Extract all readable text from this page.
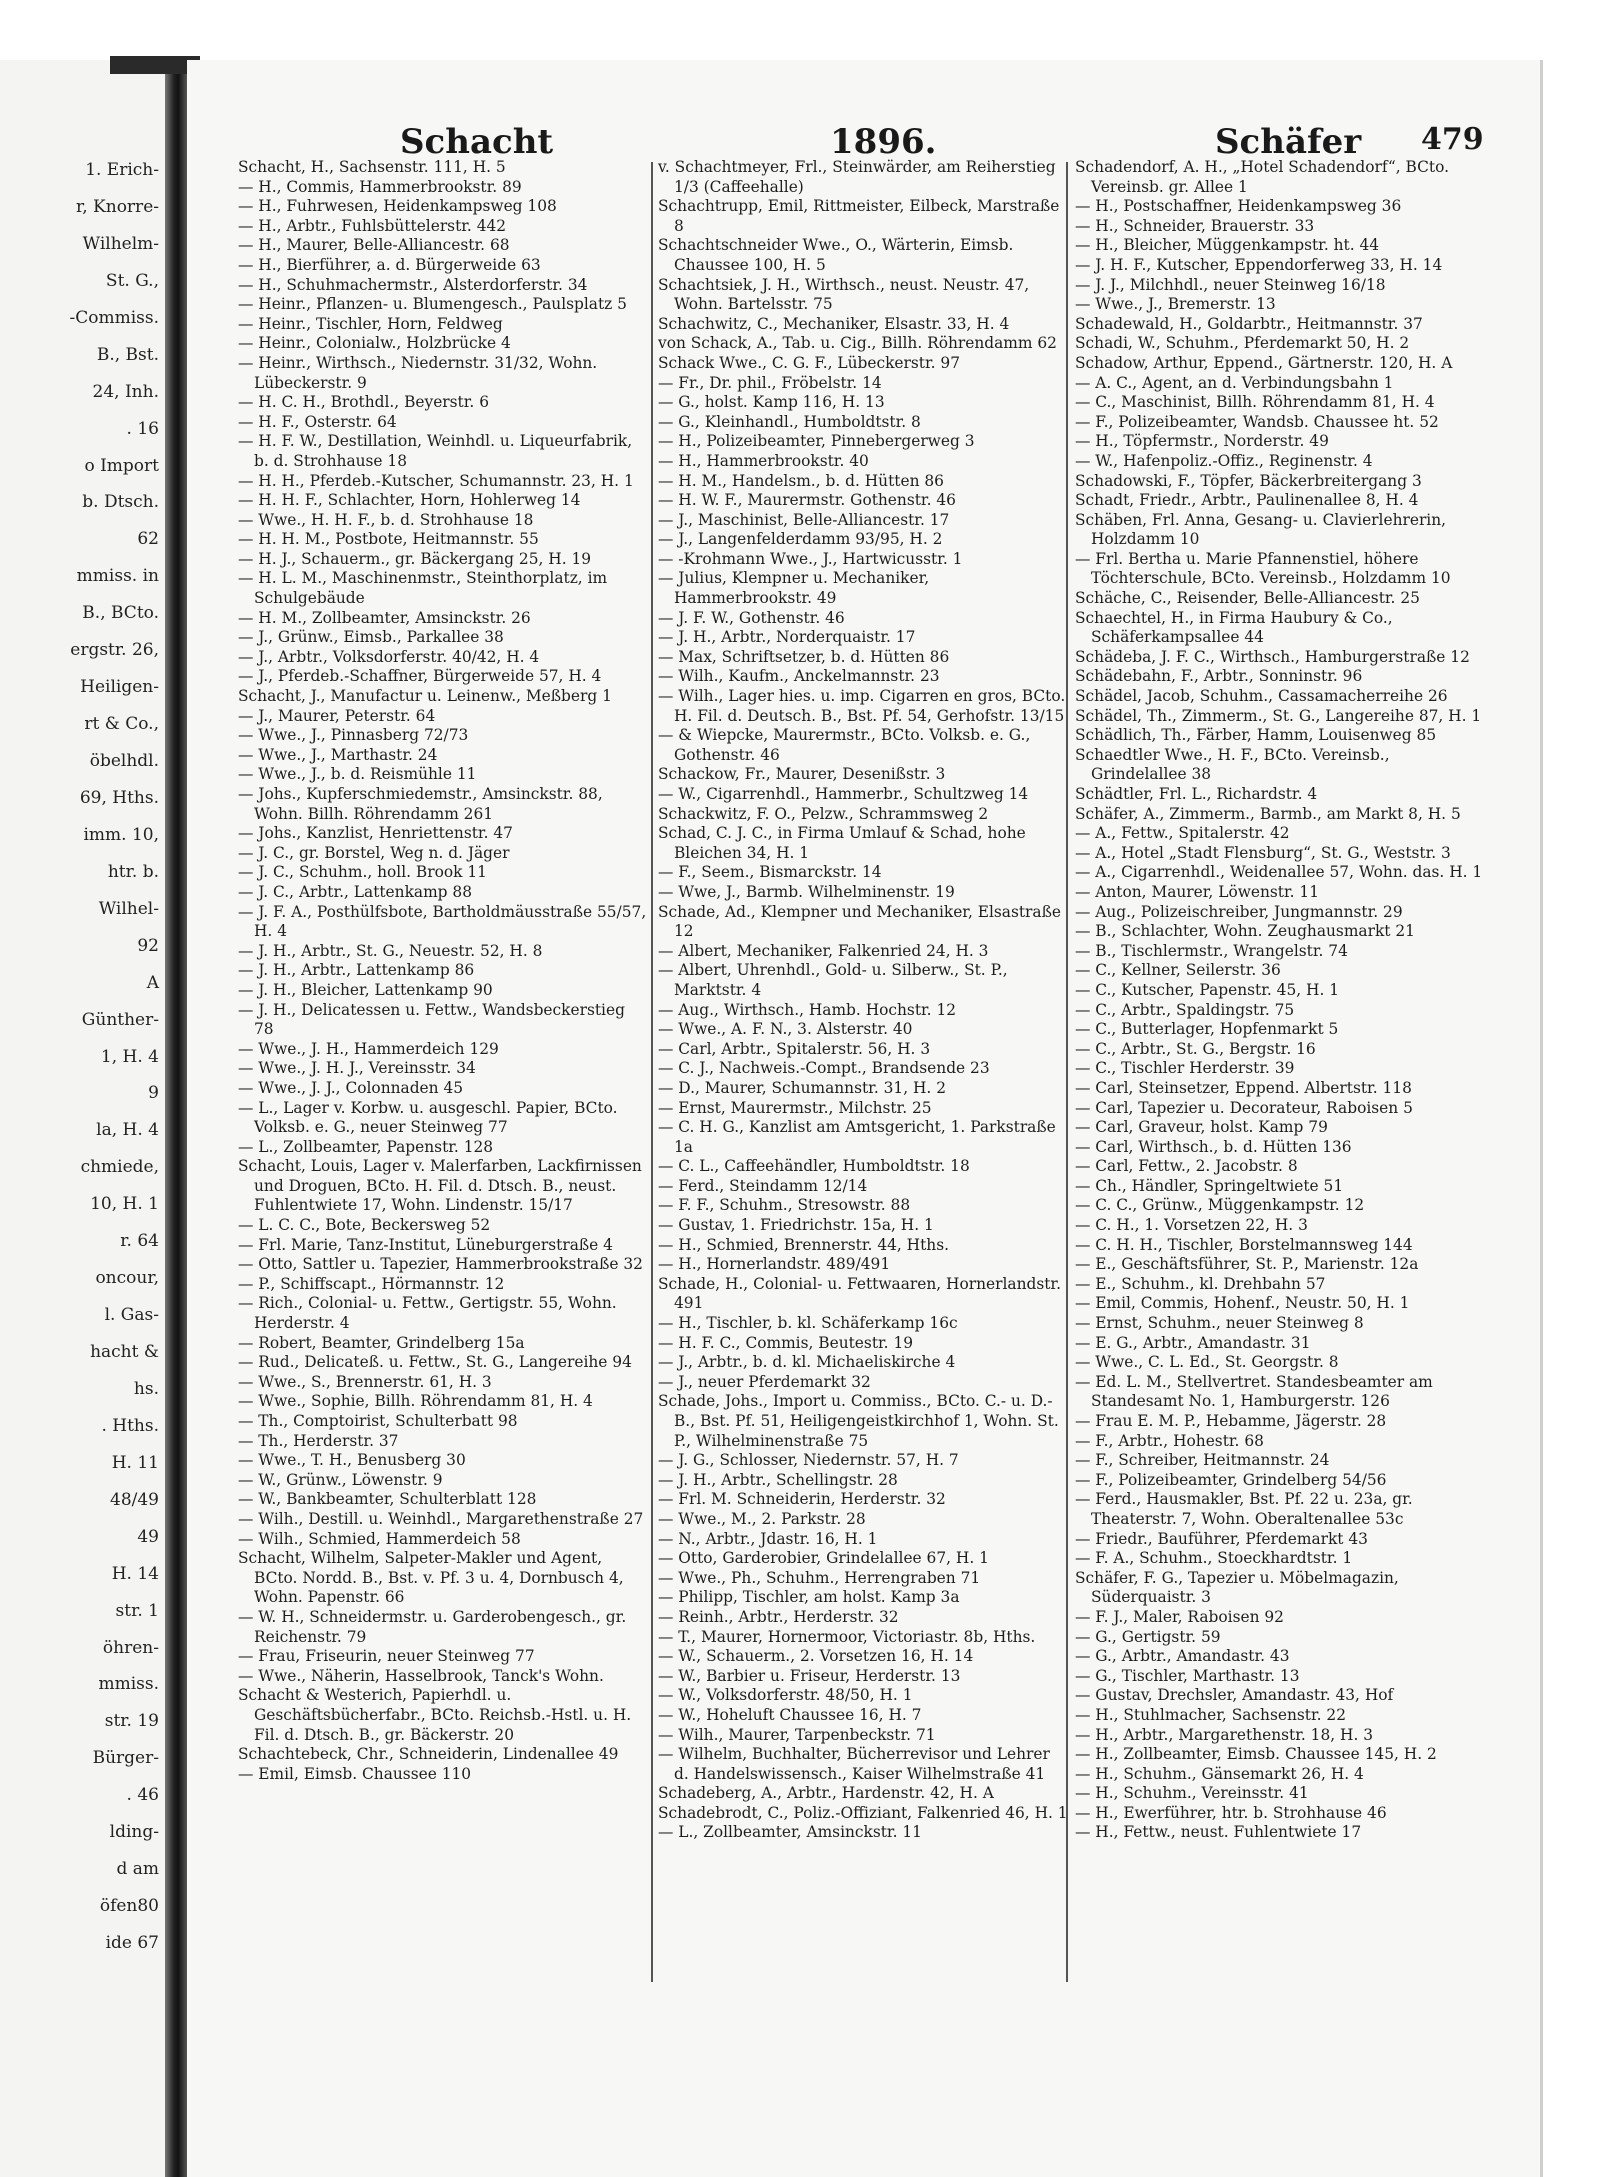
1. Erich-
r, Knorre-
Wilhelm-
St. G.,
-Commiss.
B., Bst.
24, Inh.
. 16
o Import
b. Dtsch.
62
mmiss. in
B., BCto.
ergstr. 26,
Heiligen-
rt & Co.,
öbelhdl.
69, Hths.
imm. 10,
htr. b.
Wilhel-
92
A
Günther-
1, H. 4
9
la, H. 4
chmiede,
10, H. 1
r. 64
oncour,
l. Gas-
hacht &
hs.
. Hths.
H. 11
48/49
49
H. 14
str. 1
öhren-
mmiss.
str. 19
Bürger-
. 46
lding-
d am
öfen80
ide 67
Schacht	1896.	Schäfer 479
Schacht, H., Sachsenstr. 111, H. 5
— H., Commis, Hammerbrookstr. 89
— H., Fuhrwesen, Heidenkampsweg 108
— H., Arbtr., Fuhlsbüttelerstr. 442
— H., Maurer, Belle-Alliancestr. 68
— H., Bierführer, a. d. Bürgerweide 63
— H., Schuhmachermstr., Alsterdorferstr. 34
— Heinr., Pflanzen- u. Blumengesch., Paulsplatz 5
— Heinr., Tischler, Horn, Feldweg
— Heinr., Colonialw., Holzbrücke 4
— Heinr., Wirthsch., Niedernstr. 31/32, Wohn. Lübeckerstr. 9
— H. C. H., Brothdl., Beyerstr. 6
— H. F., Osterstr. 64
— H. F. W., Destillation, Weinhdl. u. Liqueurfabrik, b. d. Strohhause 18
— H. H., Pferdeb.-Kutscher, Schumannstr. 23, H. 1
— H. H. F., Schlachter, Horn, Hohlerweg 14
— Wwe., H. H. F., b. d. Strohhause 18
— H. H. M., Postbote, Heitmannstr. 55
— H. J., Schauerm., gr. Bäckergang 25, H. 19
— H. L. M., Maschinenmstr., Steinthorplatz, im Schulgebäude
— H. M., Zollbeamter, Amsinckstr. 26
— J., Grünw., Eimsb., Parkallee 38
— J., Arbtr., Volksdorferstr. 40/42, H. 4
— J., Pferdeb.-Schaffner, Bürgerweide 57, H. 4
Schacht, J., Manufactur u. Leinenw., Meßberg 1
— J., Maurer, Peterstr. 64
— Wwe., J., Pinnasberg 72/73
— Wwe., J., Marthastr. 24
— Wwe., J., b. d. Reismühle 11
— Johs., Kupferschmiedemstr., Amsinckstr. 88, Wohn. Billh. Röhrendamm 261
— Johs., Kanzlist, Henriettenstr. 47
— J. C., gr. Borstel, Weg n. d. Jäger
— J. C., Schuhm., holl. Brook 11
— J. C., Arbtr., Lattenkamp 88
— J. F. A., Posthülfsbote, Bartholdmäusstraße 55/57, H. 4
— J. H., Arbtr., St. G., Neuestr. 52, H. 8
— J. H., Arbtr., Lattenkamp 86
— J. H., Bleicher, Lattenkamp 90
— J. H., Delicatessen u. Fettw., Wandsbeckerstieg 78
— Wwe., J. H., Hammerdeich 129
— Wwe., J. H. J., Vereinsstr. 34
— Wwe., J. J., Colonnaden 45
— L., Lager v. Korbw. u. ausgeschl. Papier, BCto. Volksb. e. G., neuer Steinweg 77
— L., Zollbeamter, Papenstr. 128
Schacht, Louis, Lager v. Malerfarben, Lackfirnissen und Droguen, BCto. H. Fil. d. Dtsch. B., neust. Fuhlentwiete 17, Wohn. Lindenstr. 15/17
— L. C. C., Bote, Beckersweg 52
— Frl. Marie, Tanz-Institut, Lüneburgerstraße 4
— Otto, Sattler u. Tapezier, Hammerbrookstraße 32
— P., Schiffscapt., Hörmannstr. 12
— Rich., Colonial- u. Fettw., Gertigstr. 55, Wohn. Herderstr. 4
— Robert, Beamter, Grindelberg 15a
— Rud., Delicateß. u. Fettw., St. G., Langereihe 94
— Wwe., S., Brennerstr. 61, H. 3
— Wwe., Sophie, Billh. Röhrendamm 81, H. 4
— Th., Comptoirist, Schulterbatt 98
— Th., Herderstr. 37
— Wwe., T. H., Benusberg 30
— W., Grünw., Löwenstr. 9
— W., Bankbeamter, Schulterblatt 128
— Wilh., Destill. u. Weinhdl., Margarethenstraße 27
— Wilh., Schmied, Hammerdeich 58
Schacht, Wilhelm, Salpeter-Makler und Agent, BCto. Nordd. B., Bst. v. Pf. 3 u. 4, Dornbusch 4, Wohn. Papenstr. 66
— W. H., Schneidermstr. u. Garderobengesch., gr. Reichenstr. 79
— Frau, Friseurin, neuer Steinweg 77
— Wwe., Näherin, Hasselbrook, Tanck's Wohn.
Schacht & Westerich, Papierhdl. u. Geschäftsbücherfabr., BCto. Reichsb.-Hstl. u. H. Fil. d. Dtsch. B., gr. Bäckerstr. 20
Schachtebeck, Chr., Schneiderin, Lindenallee 49
— Emil, Eimsb. Chaussee 110
v. Schachtmeyer, Frl., Steinwärder, am Reiherstieg 1/3 (Caffeehalle)
Schachtrupp, Emil, Rittmeister, Eilbeck, Marstraße 8
Schachtschneider Wwe., O., Wärterin, Eimsb. Chaussee 100, H. 5
Schachtsiek, J. H., Wirthsch., neust. Neustr. 47, Wohn. Bartelsstr. 75
Schachwitz, C., Mechaniker, Elsastr. 33, H. 4
von Schack, A., Tab. u. Cig., Billh. Röhrendamm 62
Schack Wwe., C. G. F., Lübeckerstr. 97
— Fr., Dr. phil., Fröbelstr. 14
— G., holst. Kamp 116, H. 13
— G., Kleinhandl., Humboldtstr. 8
— H., Polizeibeamter, Pinnebergerweg 3
— H., Hammerbrookstr. 40
— H. M., Handelsm., b. d. Hütten 86
— H. W. F., Maurermstr. Gothenstr. 46
— J., Maschinist, Belle-Alliancestr. 17
— J., Langenfelderdamm 93/95, H. 2
— -Krohmann Wwe., J., Hartwicusstr. 1
— Julius, Klempner u. Mechaniker, Hammerbrookstr. 49
— J. F. W., Gothenstr. 46
— J. H., Arbtr., Norderquaistr. 17
— Max, Schriftsetzer, b. d. Hütten 86
— Wilh., Kaufm., Anckelmannstr. 23
— Wilh., Lager hies. u. imp. Cigarren en gros, BCto. H. Fil. d. Deutsch. B., Bst. Pf. 54, Gerhofstr. 13/15
— & Wiepcke, Maurermstr., BCto. Volksb. e. G., Gothenstr. 46
Schackow, Fr., Maurer, Desenißstr. 3
— W., Cigarrenhdl., Hammerbr., Schultzweg 14
Schackwitz, F. O., Pelzw., Schrammsweg 2
Schad, C. J. C., in Firma Umlauf & Schad, hohe Bleichen 34, H. 1
— F., Seem., Bismarckstr. 14
— Wwe, J., Barmb. Wilhelminenstr. 19
Schade, Ad., Klempner und Mechaniker, Elsastraße 12
— Albert, Mechaniker, Falkenried 24, H. 3
— Albert, Uhrenhdl., Gold- u. Silberw., St. P., Marktstr. 4
— Aug., Wirthsch., Hamb. Hochstr. 12
— Wwe., A. F. N., 3. Alsterstr. 40
— Carl, Arbtr., Spitalerstr. 56, H. 3
— C. J., Nachweis.-Compt., Brandsende 23
— D., Maurer, Schumannstr. 31, H. 2
— Ernst, Maurermstr., Milchstr. 25
— C. H. G., Kanzlist am Amtsgericht, 1. Parkstraße 1a
— C. L., Caffeehändler, Humboldtstr. 18
— Ferd., Steindamm 12/14
— F. F., Schuhm., Stresowstr. 88
— Gustav, 1. Friedrichstr. 15a, H. 1
— H., Schmied, Brennerstr. 44, Hths.
— H., Hornerlandstr. 489/491
Schade, H., Colonial- u. Fettwaaren, Hornerlandstr. 491
— H., Tischler, b. kl. Schäferkamp 16c
— H. F. C., Commis, Beutestr. 19
— J., Arbtr., b. d. kl. Michaeliskirche 4
— J., neuer Pferdemarkt 32
Schade, Johs., Import u. Commiss., BCto. C.- u. D.-B., Bst. Pf. 51, Heiligengeistkirchhof 1, Wohn. St. P., Wilhelminenstraße 75
— J. G., Schlosser, Niedernstr. 57, H. 7
— J. H., Arbtr., Schellingstr. 28
— Frl. M. Schneiderin, Herderstr. 32
— Wwe., M., 2. Parkstr. 28
— N., Arbtr., Jdastr. 16, H. 1
— Otto, Garderobier, Grindelallee 67, H. 1
— Wwe., Ph., Schuhm., Herrengraben 71
— Philipp, Tischler, am holst. Kamp 3a
— Reinh., Arbtr., Herderstr. 32
— T., Maurer, Hornermoor, Victoriastr. 8b, Hths.
— W., Schauerm., 2. Vorsetzen 16, H. 14
— W., Barbier u. Friseur, Herderstr. 13
— W., Volksdorferstr. 48/50, H. 1
— W., Hoheluft Chaussee 16, H. 7
— Wilh., Maurer, Tarpenbeckstr. 71
— Wilhelm, Buchhalter, Bücherrevisor und Lehrer d. Handelswissensch., Kaiser Wilhelmstraße 41
Schadeberg, A., Arbtr., Hardenstr. 42, H. A
Schadebrodt, C., Poliz.-Offiziant, Falkenried 46, H. 1
— L., Zollbeamter, Amsinckstr. 11
Schadendorf, A. H., „Hotel Schadendorf“, BCto. Vereinsb. gr. Allee 1
— H., Postschaffner, Heidenkampsweg 36
— H., Schneider, Brauerstr. 33
— H., Bleicher, Müggenkampstr. ht. 44
— J. H. F., Kutscher, Eppendorferweg 33, H. 14
— J. J., Milchhdl., neuer Steinweg 16/18
— Wwe., J., Bremerstr. 13
Schadewald, H., Goldarbtr., Heitmannstr. 37
Schadi, W., Schuhm., Pferdemarkt 50, H. 2
Schadow, Arthur, Eppend., Gärtnerstr. 120, H. A
— A. C., Agent, an d. Verbindungsbahn 1
— C., Maschinist, Billh. Röhrendamm 81, H. 4
— F., Polizeibeamter, Wandsb. Chaussee ht. 52
— H., Töpfermstr., Norderstr. 49
— W., Hafenpoliz.-Offiz., Reginenstr. 4
Schadowski, F., Töpfer, Bäckerbreitergang 3
Schadt, Friedr., Arbtr., Paulinenallee 8, H. 4
Schäben, Frl. Anna, Gesang- u. Clavierlehrerin, Holzdamm 10
— Frl. Bertha u. Marie Pfannenstiel, höhere Töchterschule, BCto. Vereinsb., Holzdamm 10
Schäche, C., Reisender, Belle-Alliancestr. 25
Schaechtel, H., in Firma Haubury & Co., Schäferkampsallee 44
Schädeba, J. F. C., Wirthsch., Hamburgerstraße 12
Schädebahn, F., Arbtr., Sonninstr. 96
Schädel, Jacob, Schuhm., Cassamacherreihe 26
Schädel, Th., Zimmerm., St. G., Langereihe 87, H. 1
Schädlich, Th., Färber, Hamm, Louisenweg 85
Schaedtler Wwe., H. F., BCto. Vereinsb., Grindelallee 38
Schädtler, Frl. L., Richardstr. 4
Schäfer, A., Zimmerm., Barmb., am Markt 8, H. 5
— A., Fettw., Spitalerstr. 42
— A., Hotel „Stadt Flensburg“, St. G., Weststr. 3
— A., Cigarrenhdl., Weidenallee 57, Wohn. das. H. 1
— Anton, Maurer, Löwenstr. 11
— Aug., Polizeischreiber, Jungmannstr. 29
— B., Schlachter, Wohn. Zeughausmarkt 21
— B., Tischlermstr., Wrangelstr. 74
— C., Kellner, Seilerstr. 36
— C., Kutscher, Papenstr. 45, H. 1
— C., Arbtr., Spaldingstr. 75
— C., Butterlager, Hopfenmarkt 5
— C., Arbtr., St. G., Bergstr. 16
— C., Tischler Herderstr. 39
— Carl, Steinsetzer, Eppend. Albertstr. 118
— Carl, Tapezier u. Decorateur, Raboisen 5
— Carl, Graveur, holst. Kamp 79
— Carl, Wirthsch., b. d. Hütten 136
— Carl, Fettw., 2. Jacobstr. 8
— Ch., Händler, Springeltwiete 51
— C. C., Grünw., Müggenkampstr. 12
— C. H., 1. Vorsetzen 22, H. 3
— C. H. H., Tischler, Borstelmannsweg 144
— E., Geschäftsführer, St. P., Marienstr. 12a
— E., Schuhm., kl. Drehbahn 57
— Emil, Commis, Hohenf., Neustr. 50, H. 1
— Ernst, Schuhm., neuer Steinweg 8
— E. G., Arbtr., Amandastr. 31
— Wwe., C. L. Ed., St. Georgstr. 8
— Ed. L. M., Stellvertret. Standesbeamter am Standesamt No. 1, Hamburgerstr. 126
— Frau E. M. P., Hebamme, Jägerstr. 28
— F., Arbtr., Hohestr. 68
— F., Schreiber, Heitmannstr. 24
— F., Polizeibeamter, Grindelberg 54/56
— Ferd., Hausmakler, Bst. Pf. 22 u. 23a, gr. Theaterstr. 7, Wohn. Oberaltenallee 53c
— Friedr., Bauführer, Pferdemarkt 43
— F. A., Schuhm., Stoeckhardtstr. 1
Schäfer, F. G., Tapezier u. Möbelmagazin, Süderquaistr. 3
— F. J., Maler, Raboisen 92
— G., Gertigstr. 59
— G., Arbtr., Amandastr. 43
— G., Tischler, Marthastr. 13
— Gustav, Drechsler, Amandastr. 43, Hof
— H., Stuhlmacher, Sachsenstr. 22
— H., Arbtr., Margarethenstr. 18, H. 3
— H., Zollbeamter, Eimsb. Chaussee 145, H. 2
— H., Schuhm., Gänsemarkt 26, H. 4
— H., Schuhm., Vereinsstr. 41
— H., Ewerführer, htr. b. Strohhause 46
— H., Fettw., neust. Fuhlentwiete 17
